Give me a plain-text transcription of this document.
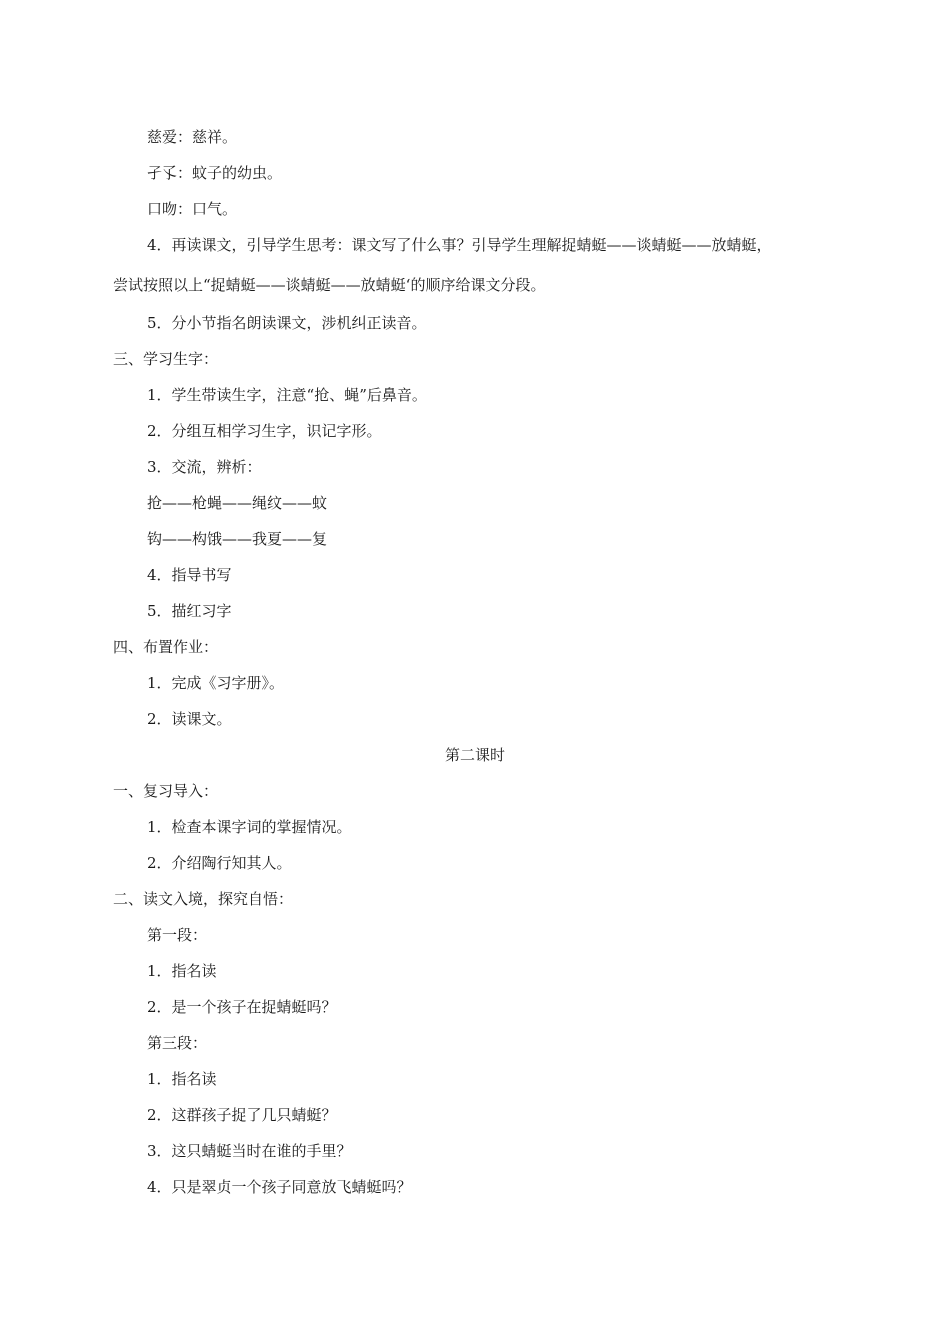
慈爱：慈祥。
孑孓：蚊子的幼虫。
口吻：口气。
4．再读课文，引导学生思考：课文写了什么事？引导学生理解捉蜻蜓——谈蜻蜓——放蜻蜓，
尝试按照以上“捉蜻蜓——谈蜻蜓——放蜻蜓‘的顺序给课文分段。
5．分小节指名朗读课文，涉机纠正读音。
三、学习生字：
1．学生带读生字，注意“抢、蝇”后鼻音。
2．分组互相学习生字，识记字形。
3．交流，辨析：
抢——枪蝇——绳纹——蚊
钩——构饿——我夏——复
4．指导书写
5．描红习字
四、布置作业：
1．完成《习字册》。
2．读课文。
第二课时
一、复习导入：
1．检查本课字词的掌握情况。
2．介绍陶行知其人。
二、读文入境，探究自悟：
第一段：
1．指名读
2．是一个孩子在捉蜻蜓吗？
第三段：
1．指名读
2．这群孩子捉了几只蜻蜓？
3．这只蜻蜓当时在谁的手里？
4．只是翠贞一个孩子同意放飞蜻蜓吗？
